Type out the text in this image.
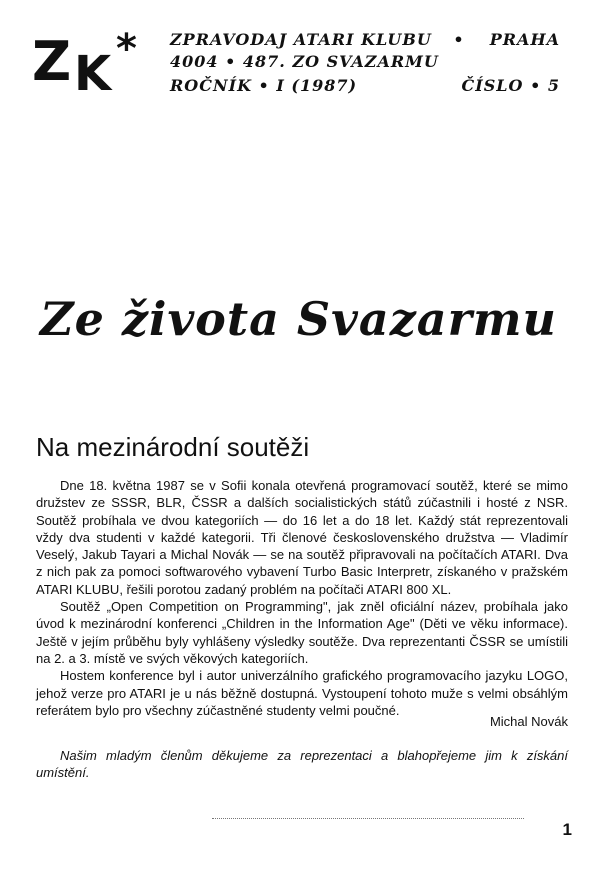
Z K * ZPRAVODAJ ATARI KLUBU • PRAHA
4004 • 487. ZO SVAZARMU
ROČNÍK • I (1987)	ČÍSLO • 5
Ze života Svazarmu
Na mezinárodní soutěži

Dne 18. května 1987 se v Sofii konala otevřená programovací soutěž, které se mimo družstev ze SSSR, BLR, ČSSR a dalších socialistických států zúčastnili i hosté z NSR. Soutěž probíhala ve dvou kategoriích — do 16 let a do 18 let. Každý stát reprezentovali vždy dva studenti v každé kategorii. Tři členové československého družstva — Vladimír Veselý, Jakub Tayari a Michal Novák — se na soutěž připravovali na počítačích ATARI. Dva z nich pak za pomoci softwarového vybavení Turbo Basic Interpretr, získaného v pražském ATARI KLUBU, řešili porotou zadaný problém na počítači ATARI 800 XL.

Soutěž „Open Competition on Programming", jak zněl oficiální název, probíhala jako úvod k mezinárodní konferenci „Children in the Information Age" (Děti ve věku informace). Ještě v jejím průběhu byly vyhlášeny výsledky soutěže. Dva reprezentanti ČSSR se umístili na 2. a 3. místě ve svých věkových kategoriích.

Hostem konference byl i autor univerzálního grafického programovacího jazyku LOGO, jehož verze pro ATARI je u nás běžně dostupná. Vystoupení tohoto muže s velmi obsáhlým referátem bylo pro všechny zúčastněné studenty velmi poučné.

Michal Novák
Našim mladým členům děkujeme za reprezentaci a blahopřejeme jim k získání umístění.
1
